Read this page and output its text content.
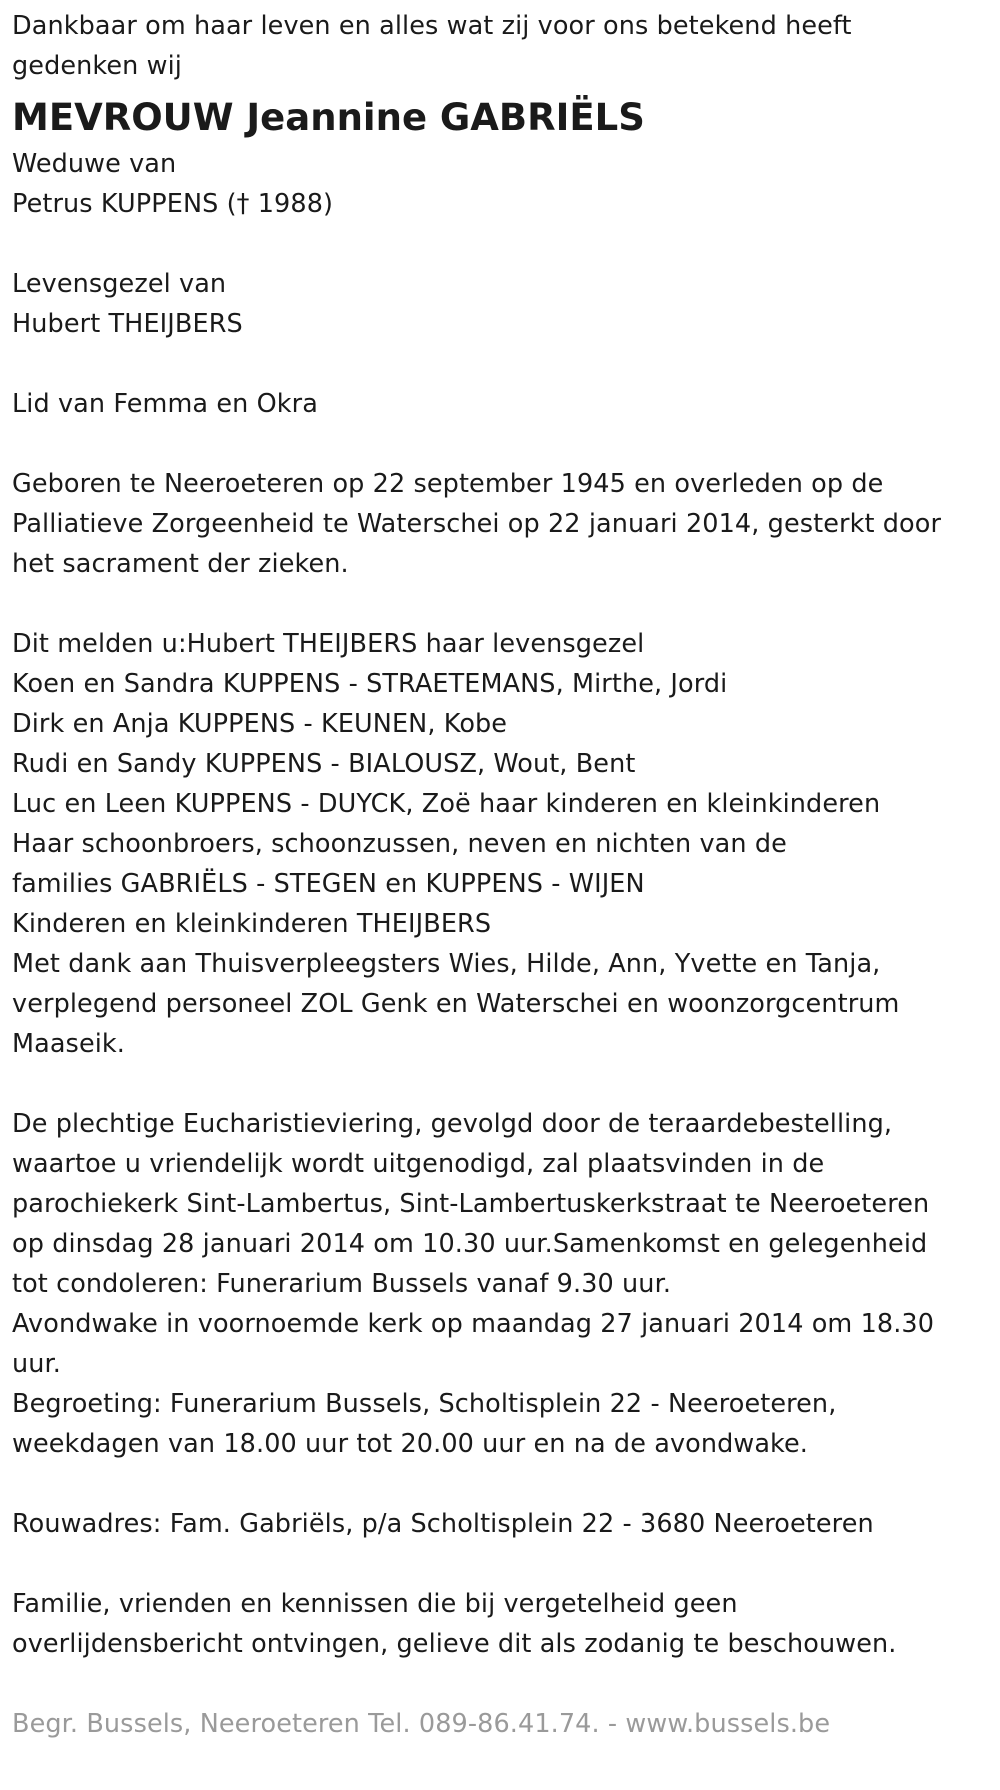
Dankbaar om haar leven en alles wat zij voor ons betekend heeft
gedenken wij
MEVROUW Jeannine GABRIËLS
Weduwe van
Petrus KUPPENS († 1988)
Levensgezel van
Hubert THEIJBERS
Lid van Femma en Okra
Geboren te Neeroeteren op 22 september 1945 en overleden op de
Palliatieve Zorgeenheid te Waterschei op 22 januari 2014, gesterkt door
het sacrament der zieken.
Dit melden u:Hubert THEIJBERS haar levensgezel
Koen en Sandra KUPPENS - STRAETEMANS, Mirthe, Jordi
Dirk en Anja KUPPENS - KEUNEN, Kobe
Rudi en Sandy KUPPENS - BIALOUSZ, Wout, Bent
Luc en Leen KUPPENS - DUYCK, Zoë haar kinderen en kleinkinderen
Haar schoonbroers, schoonzussen, neven en nichten van de
families GABRIËLS - STEGEN en KUPPENS - WIJEN
Kinderen en kleinkinderen THEIJBERS
Met dank aan Thuisverpleegsters Wies, Hilde, Ann, Yvette en Tanja,
verplegend personeel ZOL Genk en Waterschei en woonzorgcentrum
Maaseik.
De plechtige Eucharistieviering, gevolgd door de teraardebestelling,
waartoe u vriendelijk wordt uitgenodigd, zal plaatsvinden in de
parochiekerk Sint-Lambertus, Sint-Lambertuskerkstraat te Neeroeteren
op dinsdag 28 januari 2014 om 10.30 uur.Samenkomst en gelegenheid
tot condoleren: Funerarium Bussels vanaf 9.30 uur.
Avondwake in voornoemde kerk op maandag 27 januari 2014 om 18.30
uur.
Begroeting: Funerarium Bussels, Scholtisplein 22 - Neeroeteren,
weekdagen van 18.00 uur tot 20.00 uur en na de avondwake.
Rouwadres: Fam. Gabriëls, p/a Scholtisplein 22 - 3680 Neeroeteren
Familie, vrienden en kennissen die bij vergetelheid geen
overlijdensbericht ontvingen, gelieve dit als zodanig te beschouwen.
Begr. Bussels, Neeroeteren Tel. 089-86.41.74. - www.bussels.be
